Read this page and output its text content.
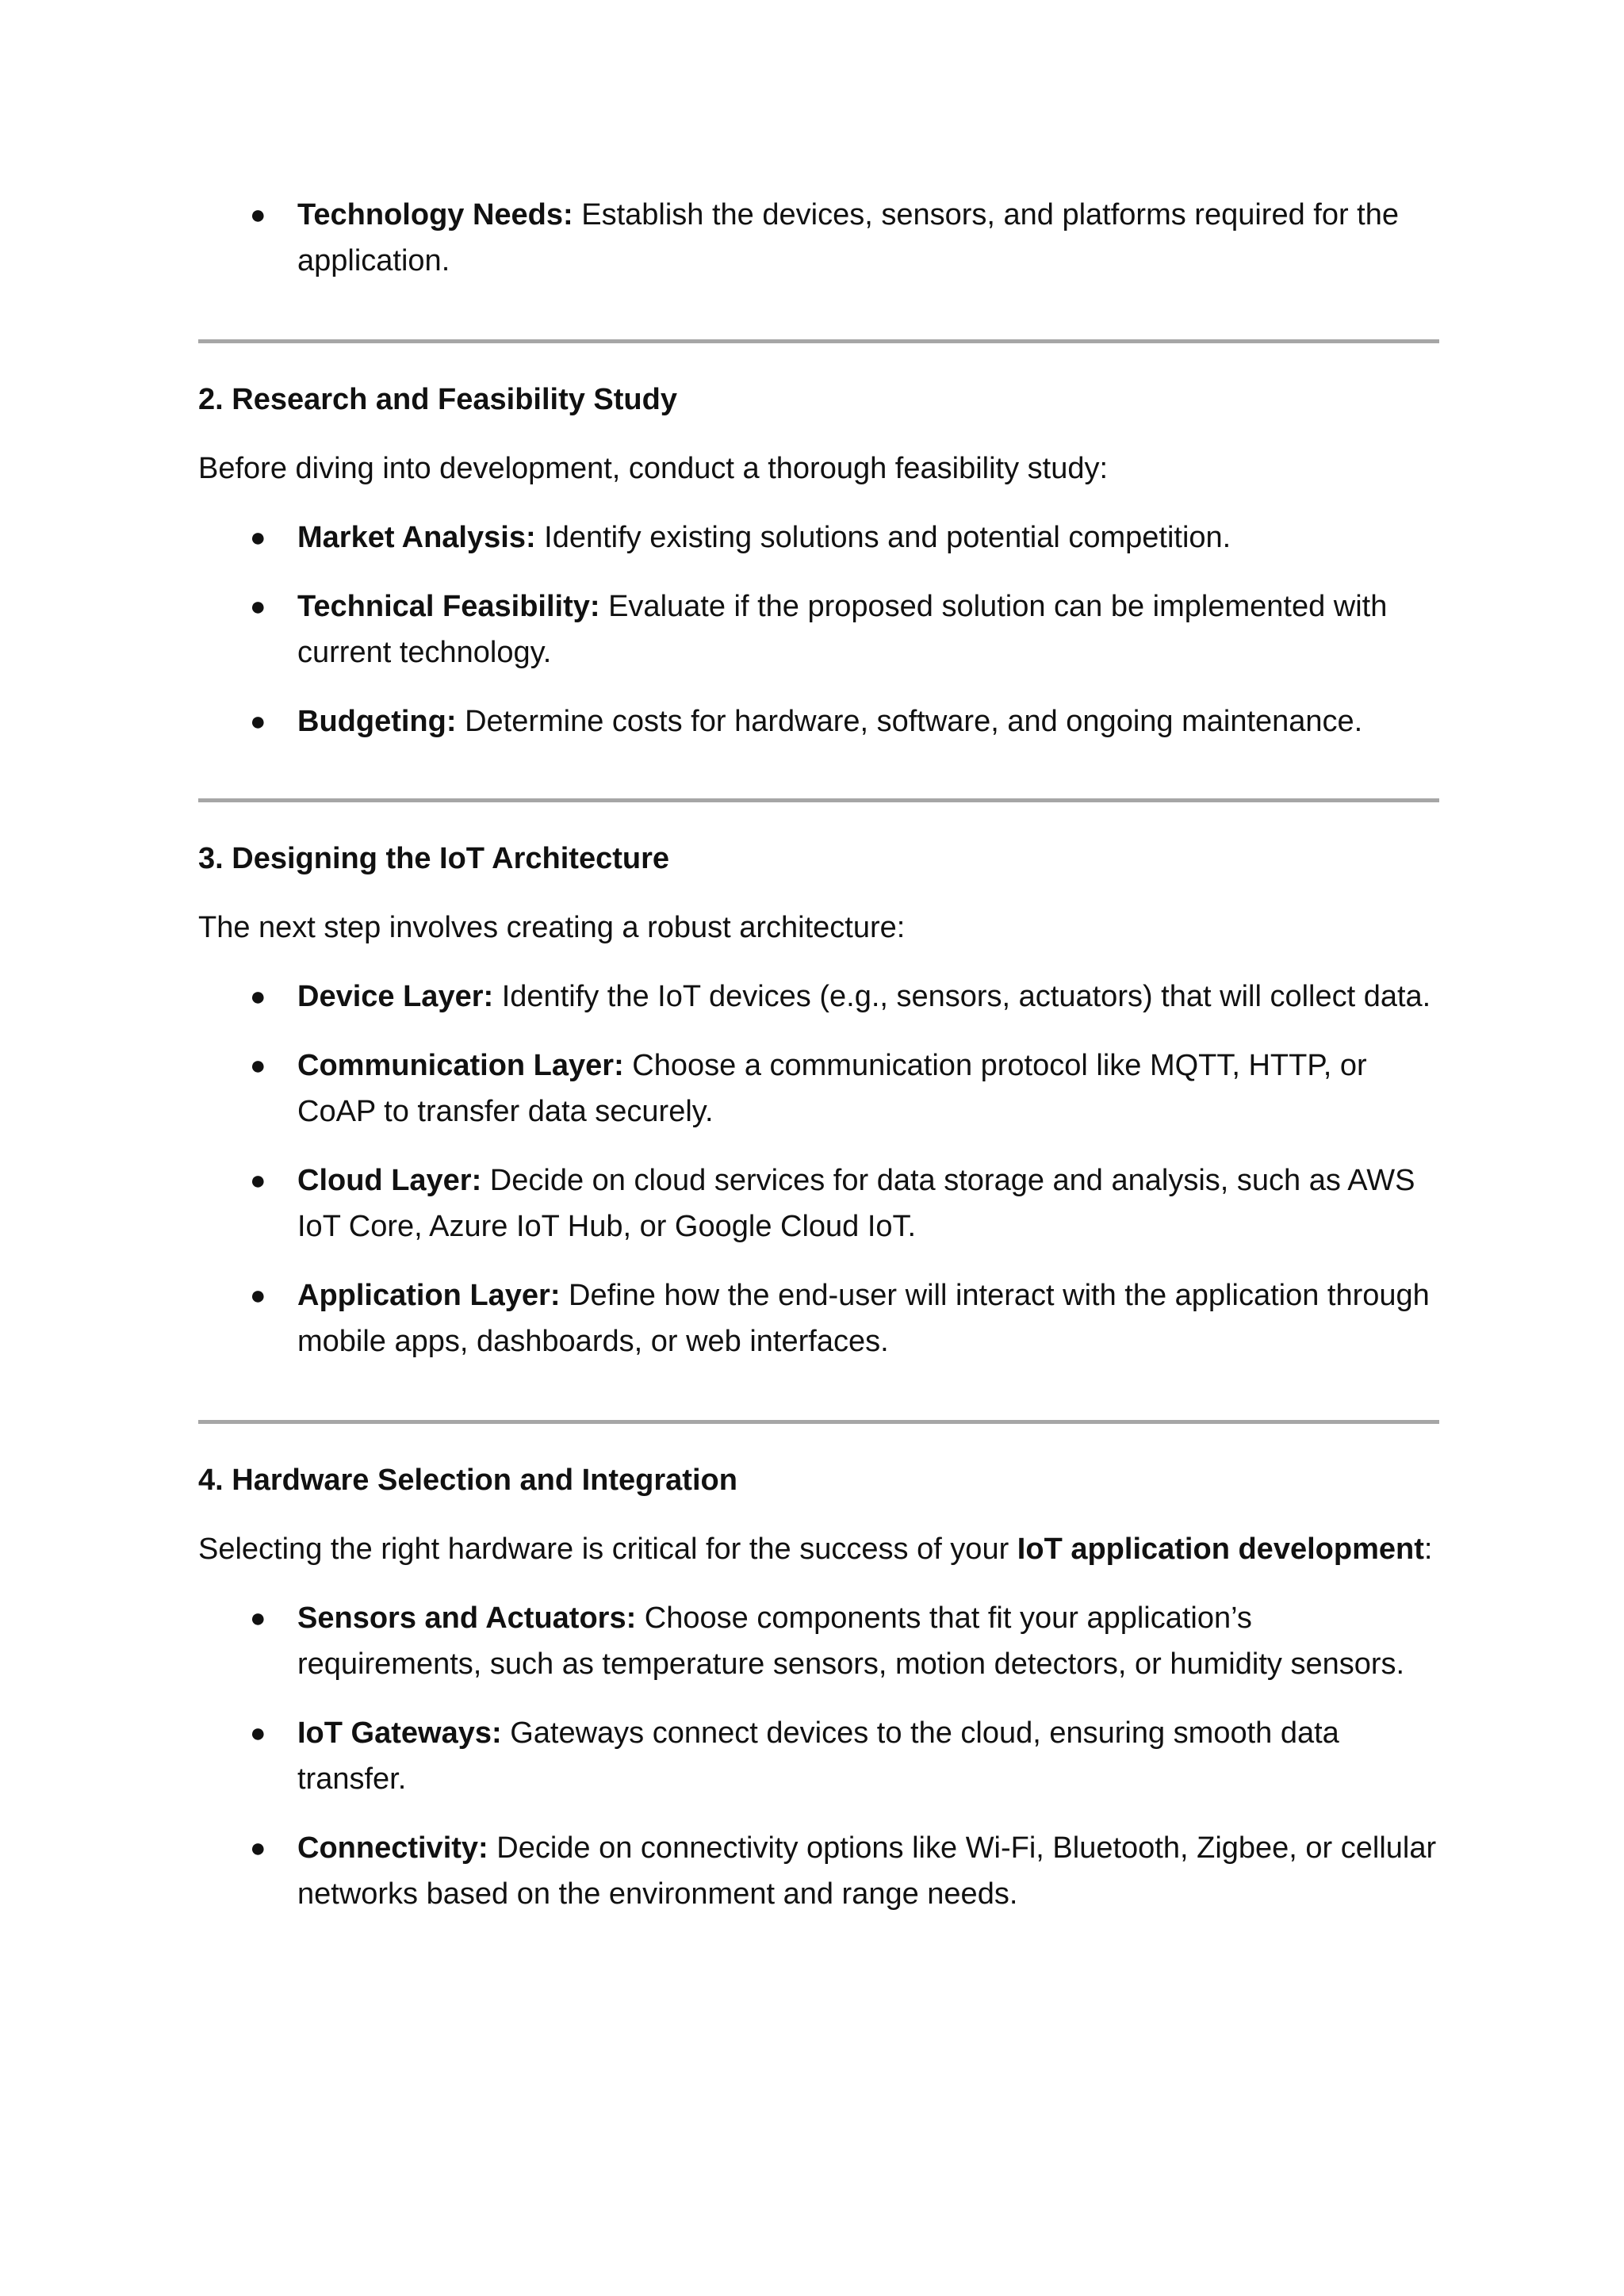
● Technology Needs: Establish the devices, sensors, and platforms required for the application.
2. Research and Feasibility Study

Before diving into development, conduct a thorough feasibility study:

● Market Analysis: Identify existing solutions and potential competition.
● Technical Feasibility: Evaluate if the proposed solution can be implemented with current technology.
● Budgeting: Determine costs for hardware, software, and ongoing maintenance.
3. Designing the IoT Architecture

The next step involves creating a robust architecture:

● Device Layer: Identify the IoT devices (e.g., sensors, actuators) that will collect data.
● Communication Layer: Choose a communication protocol like MQTT, HTTP, or CoAP to transfer data securely.
● Cloud Layer: Decide on cloud services for data storage and analysis, such as AWS IoT Core, Azure IoT Hub, or Google Cloud IoT.
● Application Layer: Define how the end-user will interact with the application through mobile apps, dashboards, or web interfaces.
4. Hardware Selection and Integration

Selecting the right hardware is critical for the success of your IoT application development:

● Sensors and Actuators: Choose components that fit your application’s requirements, such as temperature sensors, motion detectors, or humidity sensors.
● IoT Gateways: Gateways connect devices to the cloud, ensuring smooth data transfer.
● Connectivity: Decide on connectivity options like Wi-Fi, Bluetooth, Zigbee, or cellular networks based on the environment and range needs.
